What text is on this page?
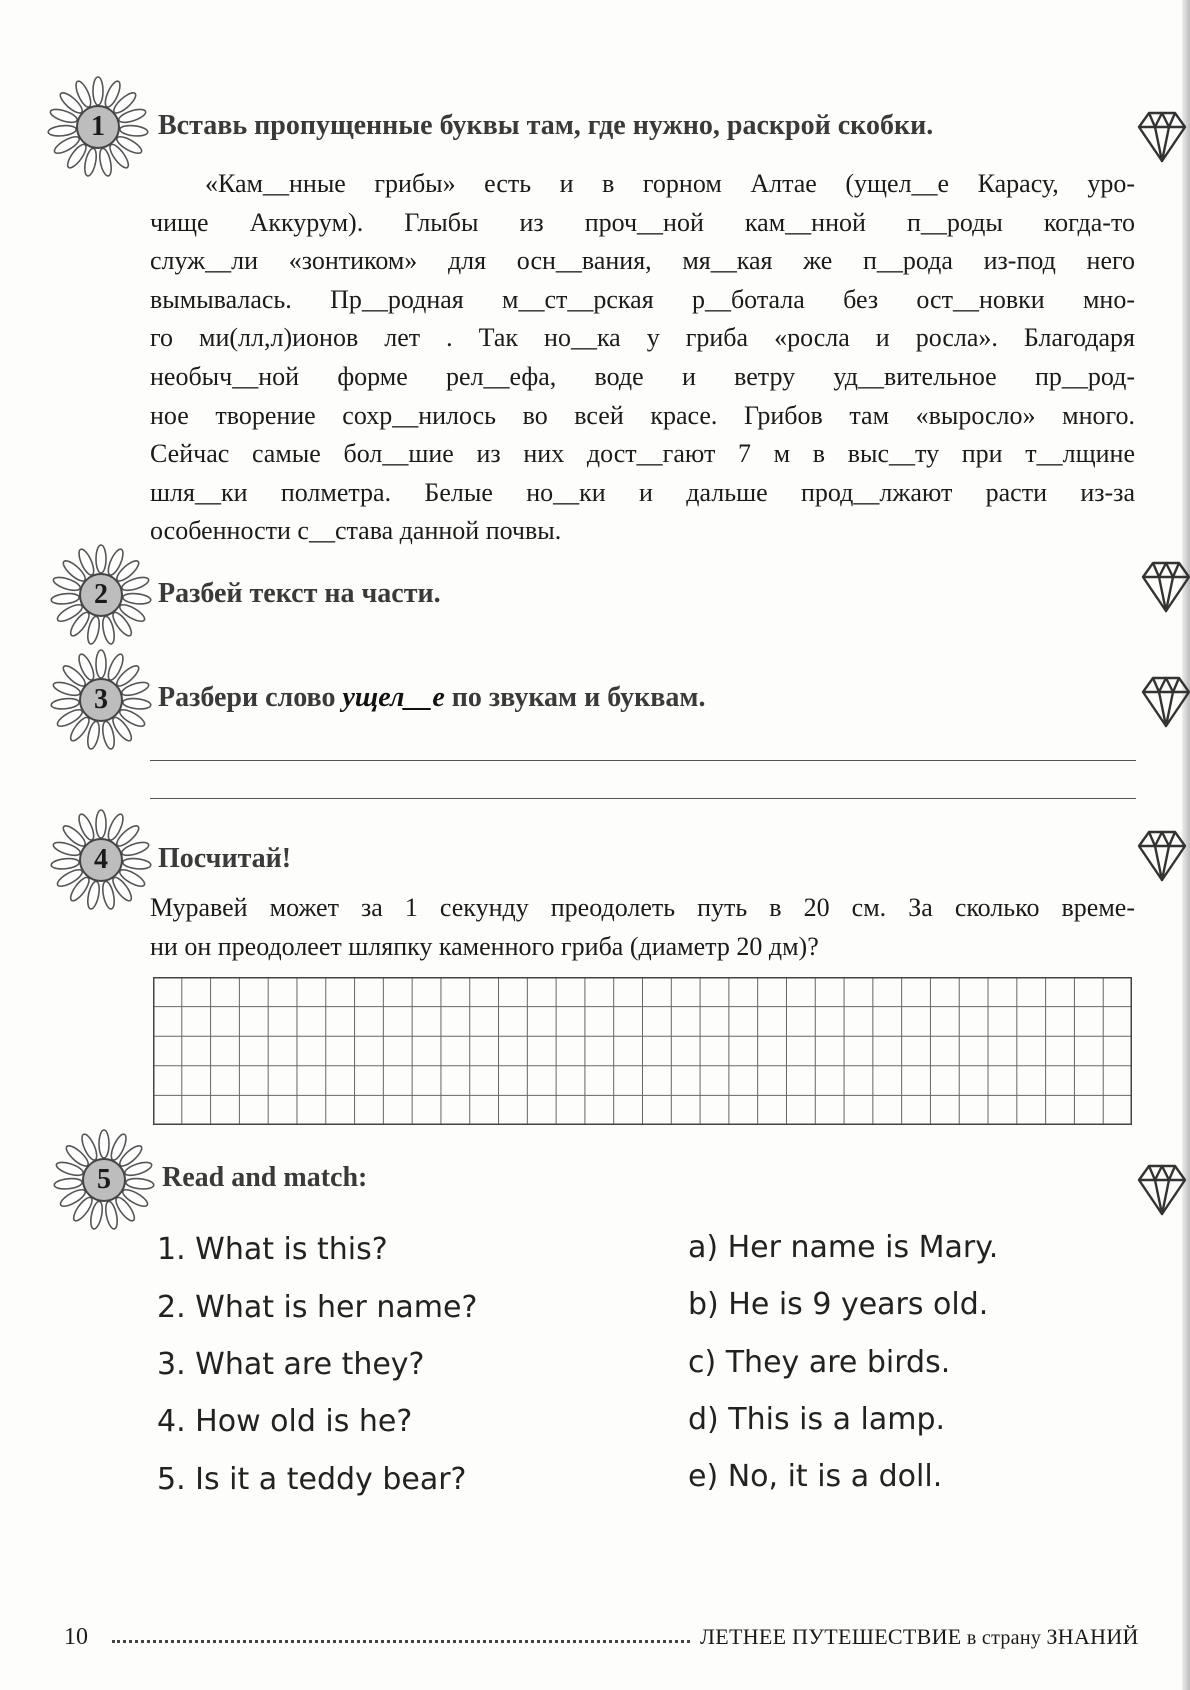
1	Вставь пропущенные буквы там, где нужно, раскрой скобки.
«Кам__нные грибы» есть и в горном Алтае (ущел__е Карасу, уро-
чище Аккурум). Глыбы из проч__ной кам__нной п__роды когда-то
служ__ли «зонтиком» для осн__вания, мя__кая же п__рода из-под него
вымывалась. Пр__родная м__ст__рская р__ботала без ост__новки мно-
го ми(лл,л)ионов лет . Так но__ка у гриба «росла и росла». Благодаря
необыч__ной форме рел__ефа, воде и ветру уд__вительное пр__род-
ное творение сохр__нилось во всей красе. Грибов там «выросло» много.
Сейчас самые бол__шие из них дост__гают 7 м в выс__ту при т__лщине
шля__ки полметра. Белые но__ки и дальше прод__лжают расти из-за
особенности с__става данной почвы.
2	Разбей текст на части.
3	Разбери слово ущел__е по звукам и буквам.
4	Посчитай!
Муравей может за 1 секунду преодолеть путь в 20 см. За сколько време-
ни он преодолеет шляпку каменного гриба (диаметр 20 дм)?
5	Read and match:
1. What is this?
2. What is her name?
3. What are they?
4. How old is he?
5. Is it a teddy bear?
a) Her name is Mary.
b) He is 9 years old.
c) They are birds.
d) This is a lamp.
e) No, it is a doll.
10	ЛЕТНЕЕ ПУТЕШЕСТВИЕ в страну ЗНАНИЙ
